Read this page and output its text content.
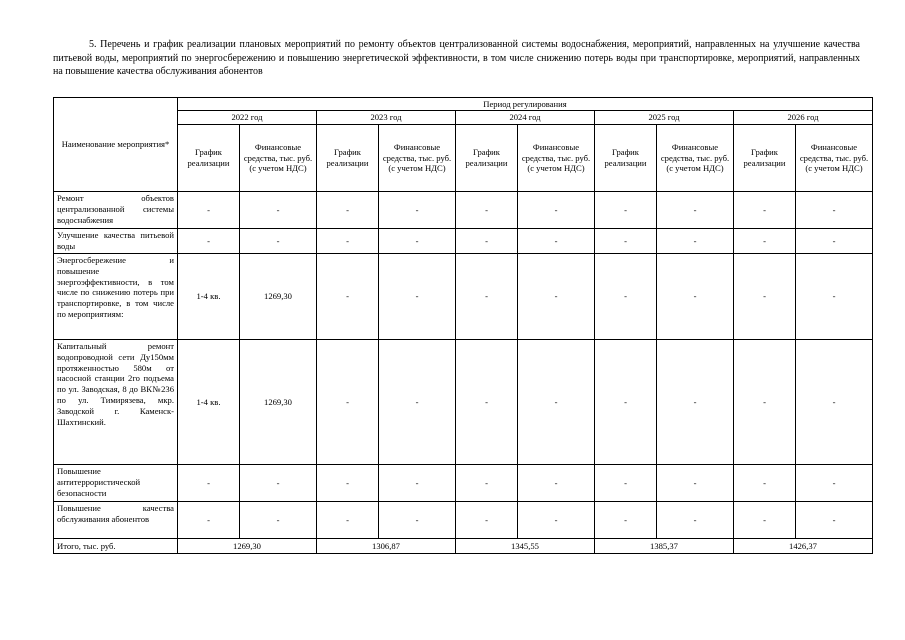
5. Перечень и график реализации плановых мероприятий по ремонту объектов централизованной системы водоснабжения, мероприятий, направленных на улучшение качества питьевой воды, мероприятий по энергосбережению и повышению энергетической эффективности, в том числе снижению потерь воды при транспортировке, мероприятий, направленных на повышение качества обслуживания абонентов

Наименование мероприятия*	Период регулирования									
	2022 год		2023 год		2024 год		2025 год		2026 год	
	График реализации	Финансовые средства, тыс. руб. (с учетом НДС)	График реализации	Финансовые средства, тыс. руб. (с учетом НДС)	График реализации	Финансовые средства, тыс. руб. (с учетом НДС)	График реализации	Финансовые средства, тыс. руб. (с учетом НДС)	График реализации	Финансовые средства, тыс. руб. (с учетом НДС)
Ремонт объектов централизованной системы водоснабжения	-	-	-	-	-	-	-	-	-	-
Улучшение качества питьевой воды	-	-	-	-	-	-	-	-	-	-
Энергосбережение и повышение энергоэффективности, в том числе по снижению потерь при транспортировке, в том числе по мероприятиям:	1-4 кв.	1269,30	-	-	-	-	-	-	-	-
Капитальный ремонт водопроводной сети Ду150мм протяженностью 580м от насосной станции 2го подъема по ул. Заводская, 8 до ВК№236 по ул. Тимирязева, мкр. Заводской г. Каменск-Шахтинский.	1-4 кв.	1269,30	-	-	-	-	-	-	-	-
Повышение антитеррористической безопасности	-	-	-	-	-	-	-	-	-	-
Повышение качества обслуживания абонентов	-	-	-	-	-	-	-	-	-	-
Итого, тыс. руб.	1269,30		1306,87		1345,55		1385,37		1426,37	
